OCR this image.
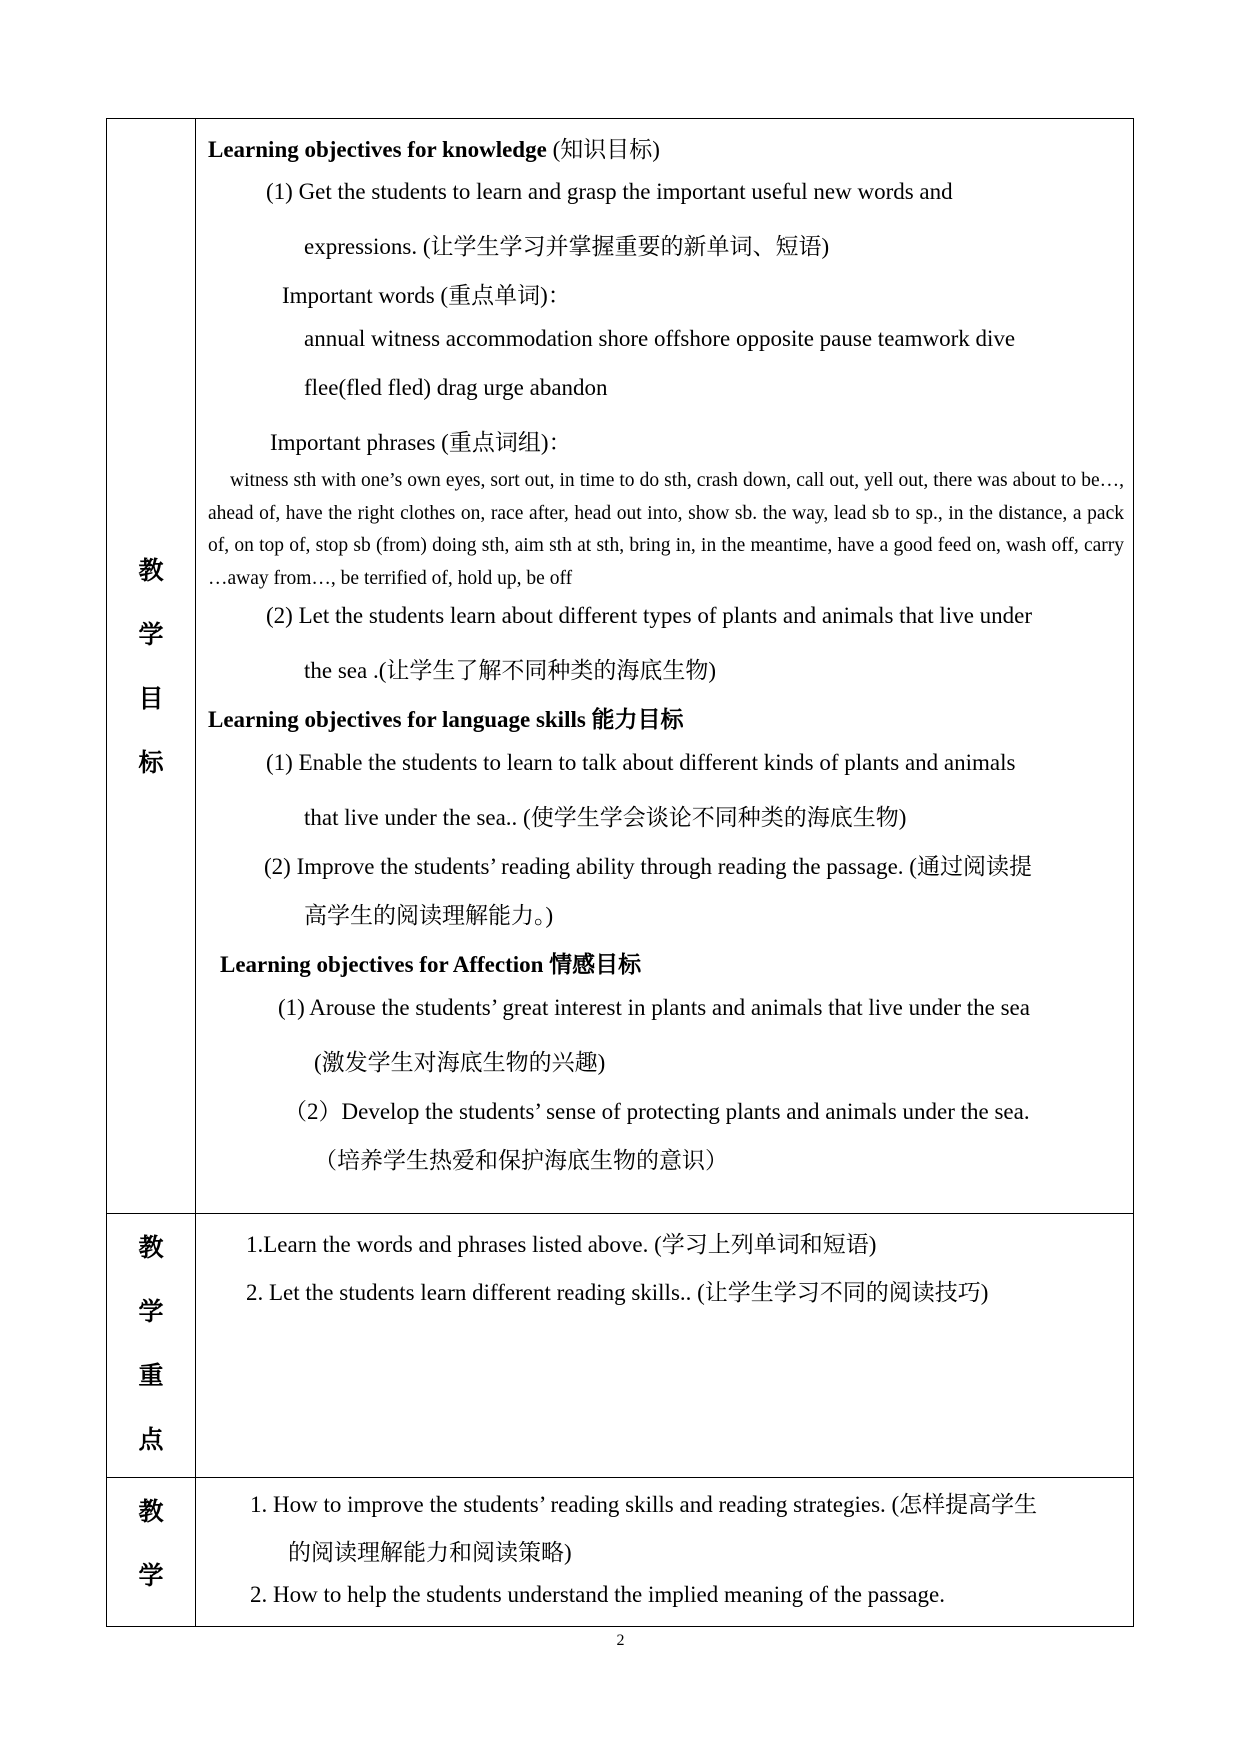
教
学
目
标
Learning objectives for knowledge (知识目标)
(1) Get the students to learn and grasp the important useful new words and
expressions. (让学生学习并掌握重要的新单词、短语)
Important words (重点单词)：
annual witness accommodation shore offshore opposite pause teamwork dive
flee(fled fled) drag urge abandon
Important phrases (重点词组)：
witness sth with one’s own eyes, sort out, in time to do sth, crash down, call out, yell out, there was about to be…, ahead of, have the right clothes on, race after, head out into, show sb. the way, lead sb to sp., in the distance, a pack of, on top of, stop sb (from) doing sth, aim sth at sth, bring in, in the meantime, have a good feed on, wash off, carry …away from…, be terrified of, hold up, be off
(2) Let the students learn about different types of plants and animals that live under
the sea .(让学生了解不同种类的海底生物)
Learning objectives for language skills 能力目标
(1) Enable the students to learn to talk about different kinds of plants and animals
that live under the sea.. (使学生学会谈论不同种类的海底生物)
(2) Improve the students’ reading ability through reading the passage. (通过阅读提
高学生的阅读理解能力。)
Learning objectives for Affection 情感目标
(1) Arouse the students’ great interest in plants and animals that live under the sea
(激发学生对海底生物的兴趣)
（2）Develop the students’ sense of protecting plants and animals under the sea.
（培养学生热爱和保护海底生物的意识）
教
学
重
点
1.Learn the words and phrases listed above. (学习上列单词和短语)
2. Let the students learn different reading skills.. (让学生学习不同的阅读技巧)
教
学
1. How to improve the students’ reading skills and reading strategies. (怎样提高学生
的阅读理解能力和阅读策略)
2. How to help the students understand the implied meaning of the passage.
2
